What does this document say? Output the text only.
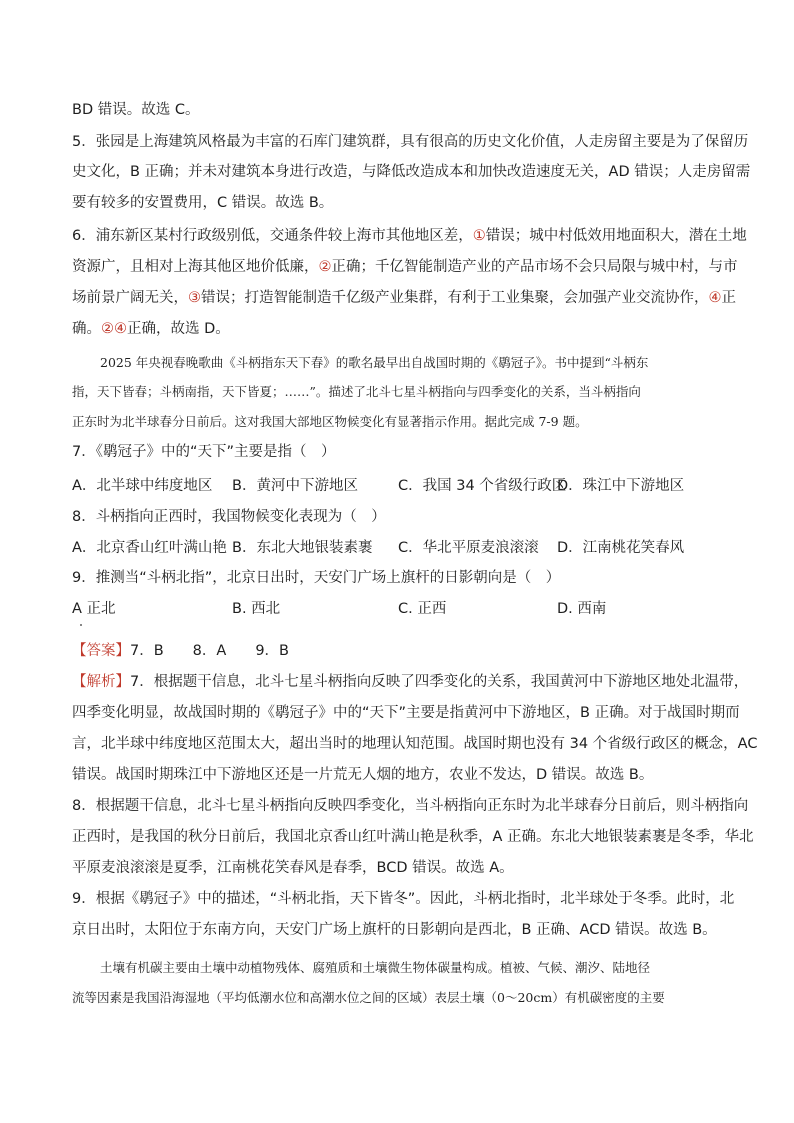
BD 错误。故选 C。
5．张园是上海建筑风格最为丰富的石库门建筑群，具有很高的历史文化价值，人走房留主要是为了保留历
史文化，B 正确；并未对建筑本身进行改造，与降低改造成本和加快改造速度无关，AD 错误；人走房留需
要有较多的安置费用，C 错误。故选 B。
6．浦东新区某村行政级别低，交通条件较上海市其他地区差，①错误；城中村低效用地面积大，潜在土地
资源广，且相对上海其他区地价低廉，②正确；千亿智能制造产业的产品市场不会只局限与城中村，与市
场前景广阔无关，③错误；打造智能制造千亿级产业集群，有利于工业集聚，会加强产业交流协作，④正
确。②④正确，故选 D。
2025 年央视春晚歌曲《斗柄指东天下春》的歌名最早出自战国时期的《鹖冠子》。书中提到“斗柄东
指，天下皆春；斗柄南指，天下皆夏；……”。描述了北斗七星斗柄指向与四季变化的关系，当斗柄指向
正东时为北半球春分日前后。这对我国大部地区物候变化有显著指示作用。据此完成 7-9 题。
7．《鹖冠子》中的“天下”主要是指（　）
A．北半球中纬度地区 B．黄河中下游地区	C．我国 34 个省级行政区
D．珠江中下游地区
8．斗柄指向正西时，我国物候变化表现为（　）
A．北京香山红叶满山艳 B．东北大地银装素裹 C．华北平原麦浪滚滚 D．江南桃花笑春风
9．推测当“斗柄北指”，北京日出时，天安门广场上旗杆的日影朝向是（　）
A 正北	B. 西北	C. 正西	D. 西南
【答案】7．B　　8．A　　9．B
【解析】7．根据题干信息，北斗七星斗柄指向反映了四季变化的关系，我国黄河中下游地区地处北温带，
四季变化明显，故战国时期的《鹖冠子》中的“天下”主要是指黄河中下游地区，B 正确。对于战国时期而
言，北半球中纬度地区范围太大，超出当时的地理认知范围。战国时期也没有 34 个省级行政区的概念，AC
错误。战国时期珠江中下游地区还是一片荒无人烟的地方，农业不发达，D 错误。故选 B。
8．根据题干信息，北斗七星斗柄指向反映四季变化，当斗柄指向正东时为北半球春分日前后，则斗柄指向
正西时，是我国的秋分日前后，我国北京香山红叶满山艳是秋季，A 正确。东北大地银装素裹是冬季，华北
平原麦浪滚滚是夏季，江南桃花笑春风是春季，BCD 错误。故选 A。
9．根据《鹖冠子》中的描述，“斗柄北指，天下皆冬”。因此，斗柄北指时，北半球处于冬季。此时，北
京日出时，太阳位于东南方向，天安门广场上旗杆的日影朝向是西北，B 正确、ACD 错误。故选 B。
土壤有机碳主要由土壤中动植物残体、腐殖质和土壤微生物体碳量构成。植被、气候、潮汐、陆地径
流等因素是我国沿海湿地（平均低潮水位和高潮水位之间的区域）表层土壤（0～20cm）有机碳密度的主要
